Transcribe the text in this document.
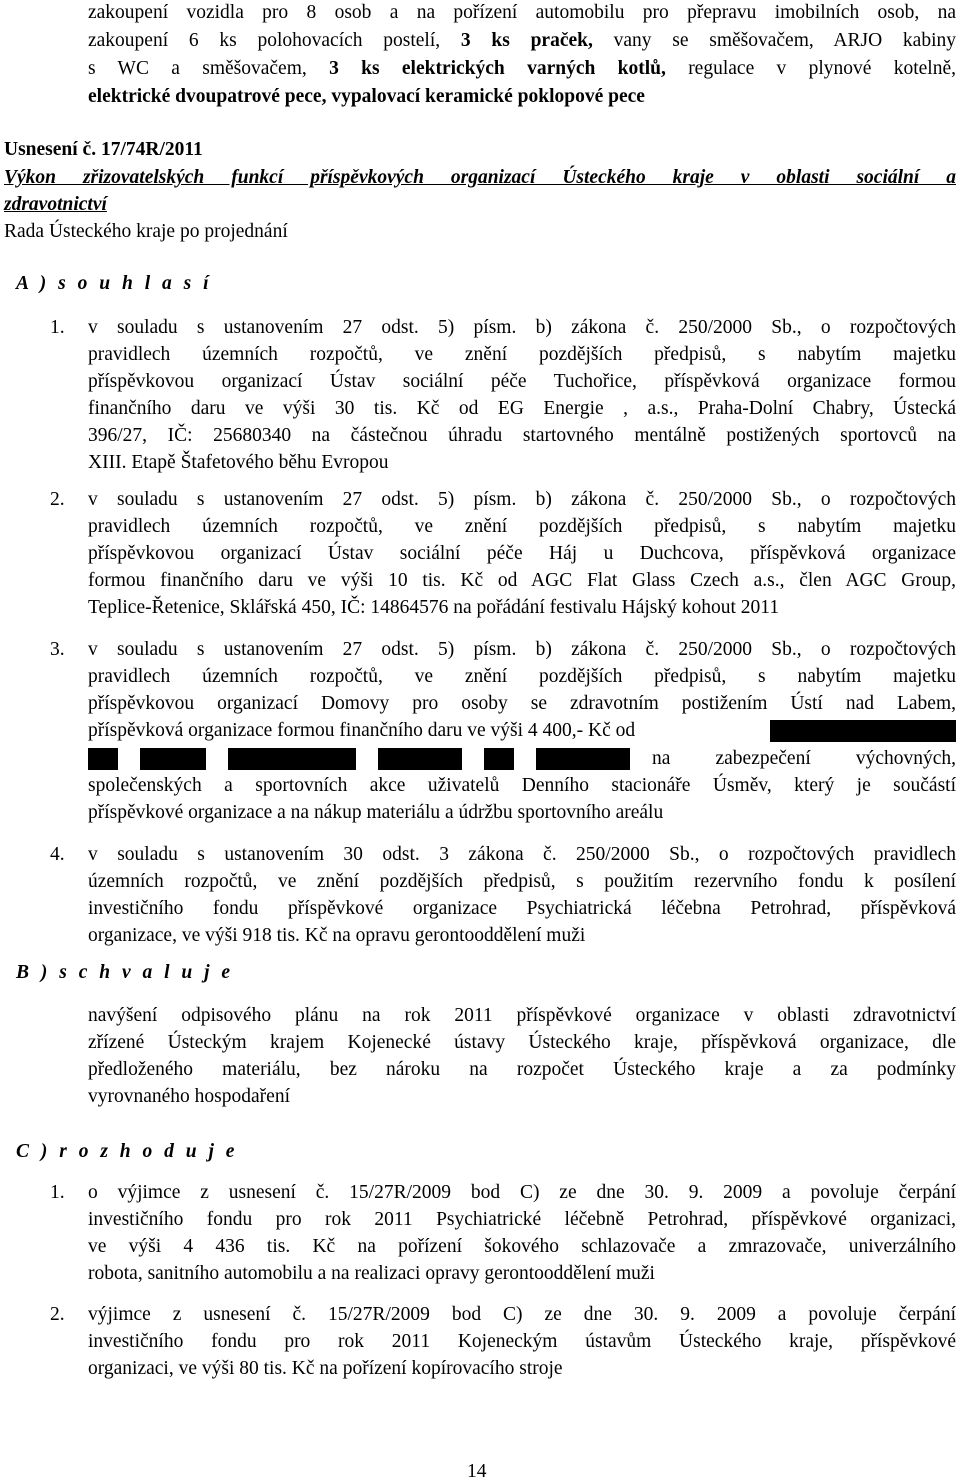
zakoupení vozidla pro 8 osob a na pořízení automobilu pro přepravu imobilních osob, na
zakoupení 6 ks polohovacích postelí, 3 ks praček, vany se směšovačem, ARJO kabiny
s WC a směšovačem, 3 ks elektrických varných kotlů, regulace v plynové kotelně,
elektrické dvoupatrové pece, vypalovací keramické poklopové pece
Usnesení č. 17/74R/2011
Výkon zřizovatelských funkcí příspěvkových organizací Ústeckého kraje v oblasti sociální a
zdravotnictví
Rada Ústeckého kraje po projednání
A ) s o u h l a s í
1. v souladu s ustanovením 27 odst. 5) písm. b) zákona č. 250/2000 Sb., o rozpočtových
pravidlech územních rozpočtů, ve znění pozdějších předpisů, s nabytím majetku
příspěvkovou organizací Ústav sociální péče Tuchořice, příspěvková organizace formou
finančního daru ve výši 30 tis. Kč od EG Energie , a.s., Praha-Dolní Chabry, Ústecká
396/27, IČ: 25680340 na částečnou úhradu startovného mentálně postižených sportovců na
XIII. Etapě Štafetového běhu Evropou
2. v souladu s ustanovením 27 odst. 5) písm. b) zákona č. 250/2000 Sb., o rozpočtových
pravidlech územních rozpočtů, ve znění pozdějších předpisů, s nabytím majetku
příspěvkovou organizací Ústav sociální péče Háj u Duchcova, příspěvková organizace
formou finančního daru ve výši 10 tis. Kč od AGC Flat Glass Czech a.s., člen AGC Group,
Teplice-Řetenice, Sklářská 450, IČ: 14864576 na pořádání festivalu Hájský kohout 2011
3. v souladu s ustanovením 27 odst. 5) písm. b) zákona č. 250/2000 Sb., o rozpočtových
pravidlech územních rozpočtů, ve znění pozdějších předpisů, s nabytím majetku
příspěvkovou organizací Domovy pro osoby se zdravotním postižením Ústí nad Labem,
příspěvková organizace formou finančního daru ve výši 4 400,- Kč od
na zabezpečení výchovných,
společenských a sportovních akce uživatelů Denního stacionáře Úsměv, který je součástí
příspěvkové organizace a na nákup materiálu a údržbu sportovního areálu
4. v souladu s ustanovením 30 odst. 3 zákona č. 250/2000 Sb., o rozpočtových pravidlech
územních rozpočtů, ve znění pozdějších předpisů, s použitím rezervního fondu k posílení
investičního fondu příspěvkové organizace Psychiatrická léčebna Petrohrad, příspěvková
organizace, ve výši 918 tis. Kč na opravu gerontooddělení muži
B ) s c h v a l u j e
navýšení odpisového plánu na rok 2011 příspěvkové organizace v oblasti zdravotnictví
zřízené Ústeckým krajem Kojenecké ústavy Ústeckého kraje, příspěvková organizace, dle
předloženého materiálu, bez nároku na rozpočet Ústeckého kraje a za podmínky
vyrovnaného hospodaření
C ) r o z h o d u j e
1. o výjimce z usnesení č. 15/27R/2009 bod C) ze dne 30. 9. 2009 a povoluje čerpání
investičního fondu pro rok 2011 Psychiatrické léčebně Petrohrad, příspěvkové organizaci,
ve výši 4 436 tis. Kč na pořízení šokového schlazovače a zmrazovače, univerzálního
robota, sanitního automobilu a na realizaci opravy gerontooddělení muži
2. výjimce z usnesení č. 15/27R/2009 bod C) ze dne 30. 9. 2009 a povoluje čerpání
investičního fondu pro rok 2011 Kojeneckým ústavům Ústeckého kraje, příspěvkové
organizaci, ve výši 80 tis. Kč na pořízení kopírovacího stroje
14
